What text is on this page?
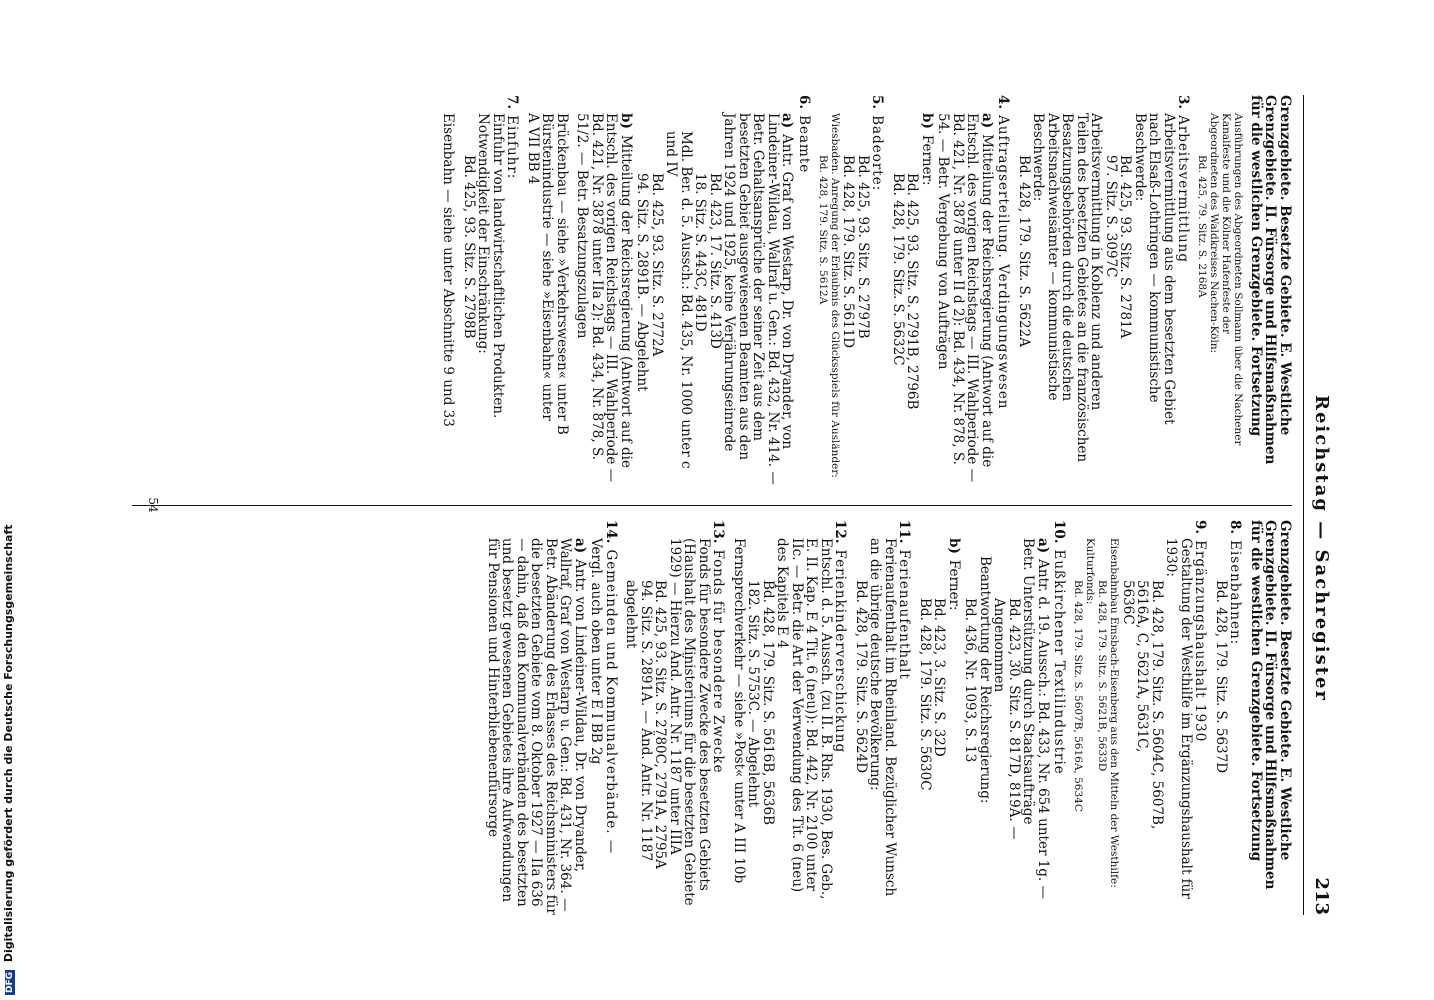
Reichstag — Sachregister
213
Grenzgebiete. Besetzte Gebiete. E. Westliche Grenzgebiete. II. Fürsorge und Hilfsmaßnahmen für die westlichen Grenzgebiete. Fortsetzung
Ausführungen des Abgeordneten Sollmann über die Nachener Kanalfeste und die Kölner Hafenfeste der
Abgeordneten des Waldkreises Nachen-Köln:
Bd. 425, 79. Sitz. S. 2168A
3.Arbeitsvermittlung
Arbeitsvermittlung aus dem besetzten Gebiet
nach Elsaß-Lothringen — kommunistische
Beschwerde:
Bd. 425, 93. Sitz. S. 2781A
97. Sitz. S. 3097C
Arbeitsvermittlung in Koblenz und anderen
Teilen des besetzten Gebietes an die französischen
Besatzungsbehörden durch die deutschen
Arbeitsnachweisämter — kommunistische
Beschwerde:
Bd. 428, 179. Sitz. S. 5622A
4.Auftragserteilung. Verdingungswesen
a)Mitteilung der Reichsregierung (Antwort auf die Entschl. des vorigen Reichstags — III. Wahlperiode — Bd. 421, Nr. 3878 unter II d 2): Bd. 434, Nr. 878, S. 54. — Betr. Vergebung von Aufträgen
b)Ferner:
Bd. 425, 93. Sitz. S. 2791B, 2796B
Bd. 428, 179. Sitz. S. 5632C
5.Badeorte:
Bd. 425, 93. Sitz. S. 2797B
Bd. 428, 179. Sitz. S. 5611D
Wiesbaden. Anregung der Erlaubnis des Glücksspiels für Ausländer:
Bd. 428, 179. Sitz. S. 5612A
6.Beamte
a)Antr. Graf von Westarp, Dr. von Dryander, von Lindeiner-Wildau, Wallraf u. Gen.: Bd. 432, Nr. 414. — Betr. Gehaltsansprüche der seiner Zeit aus dem besetzten Gebiet ausgewiesenen Beamten aus den Jahren 1924 und 1925, keine Verjährungseinrede
Bd. 423, 17. Sitz. S. 413D
18. Sitz. S. 443C, 481D
Mdl. Ber. d. 5. Aussch.: Bd. 435, Nr. 1000 unter c und IV
Bd. 425, 93. Sitz. S. 2772A
94. Sitz. S. 2891B. — Abgelehnt
b)Mitteilung der Reichsregierung (Antwort auf die Entschl. des vorigen Reichstags — III. Wahlperiode — Bd. 421, Nr. 3878 unter IIa 2): Bd. 434, Nr. 878, S. 51/2. — Betr. Besatzungszulagen
Brückenbau — siehe »Verkehrswesen« unter B
Bürstenindustrie — siehe »Eisenbahn« unter
A VII BB 4
7.Einfuhr:
Einfuhr von landwirtschaftlichen Produkten. Notwendigkeit der Einschränkung:
Bd. 425, 93. Sitz. S. 2798B
Eisenbahn — siehe unter Abschnitte 9 und 33
Grenzgebiete. Besetzte Gebiete. E. Westliche Grenzgebiete. II. Fürsorge und Hilfsmaßnahmen für die westlichen Grenzgebiete. Fortsetzung
8.Eisenbahnen:
Bd. 428, 179. Sitz. S. 5637D
9.Ergänzungshaushalt 1930
Gestaltung der Westhilfe im Ergänzungshaushalt für 1930:
Bd. 428, 179. Sitz. S. 5604C, 5607B,
5616A, C, 5621A, 5631C,
5636C
Eisenbahnbau Emsbach-Eisenberg aus den Mitteln der Westhilfe:
Bd. 428, 179. Sitz. S. 5621B, 5633D
Kulturfonds:
Bd. 428, 179. Sitz. S. 5607B, 5616A, 5634C
10.Eußkirchener Textilindustrie
a)Antr. d. 19. Aussch.: Bd. 433, Nr. 654 unter 1g. — Betr. Unterstützung durch Staatsaufträge
Bd. 423, 30. Sitz. S. 817D, 819A. — Angenommen
Beantwortung der Reichsregierung:
Bd. 436, Nr. 1093, S. 13
b)Ferner:
Bd. 423, 3. Sitz. S. 32D
Bd. 428, 179. Sitz. S. 5630C
11.Ferienaufenthalt
Ferienaufenthalt im Rheinland. Bezüglicher Wunsch an die übrige deutsche Bevölkerung:
Bd. 428, 179. Sitz. S. 5624D
12.Ferienkinderverschickung
Entschl. d. 5. Aussch. (zu II. B. Rhs. 1930, Bes. Geb., E. II. Kap. E 4 Tit. 6 (neu)): Bd. 442, Nr. 2100 unter IIc. — Betr. die Art der Verwendung des Tit. 6 (neu) des Kapitels E 4
Bd. 428, 179. Sitz. S. 5616B, 5636B
182. Sitz. S. 5753C. — Abgelehnt
Fernsprechverkehr — siehe »Post« unter A III 10b
13.Fonds für besondere Zwecke
Fonds für besondere Zwecke des besetzten Gebiets (Haushalt des Ministeriums für die besetzten Gebiete 1929) — Hierzu Änd. Antr. Nr. 1187 unter IIIA
Bd. 425, 93. Sitz. S. 2780C, 2791A, 2795A
94. Sitz. S. 2891A. — Änd. Antr. Nr. 1187 abgelehnt
14.Gemeinden und Kommunalverbände. —
Vergl. auch oben unter E I BB 2g
a)Antr. von Lindeiner-Wildau, Dr. von Dryander, Wallraf, Graf von Westarp u. Gen.: Bd. 431, Nr. 364. — Betr. Abänderung des Erlasses des Reichsministers für die besetzten Gebiete vom 8. Oktober 1927 — IIa 636 — dahin, daß den Kommunalverbänden des besetzten und besetzt gewesenen Gebietes ihre Aufwendungen für Pensionen und Hinterbliebenenfürsorge
54
DFG Digitalisierung gefördert durch die Deutsche Forschungsgemeinschaft
